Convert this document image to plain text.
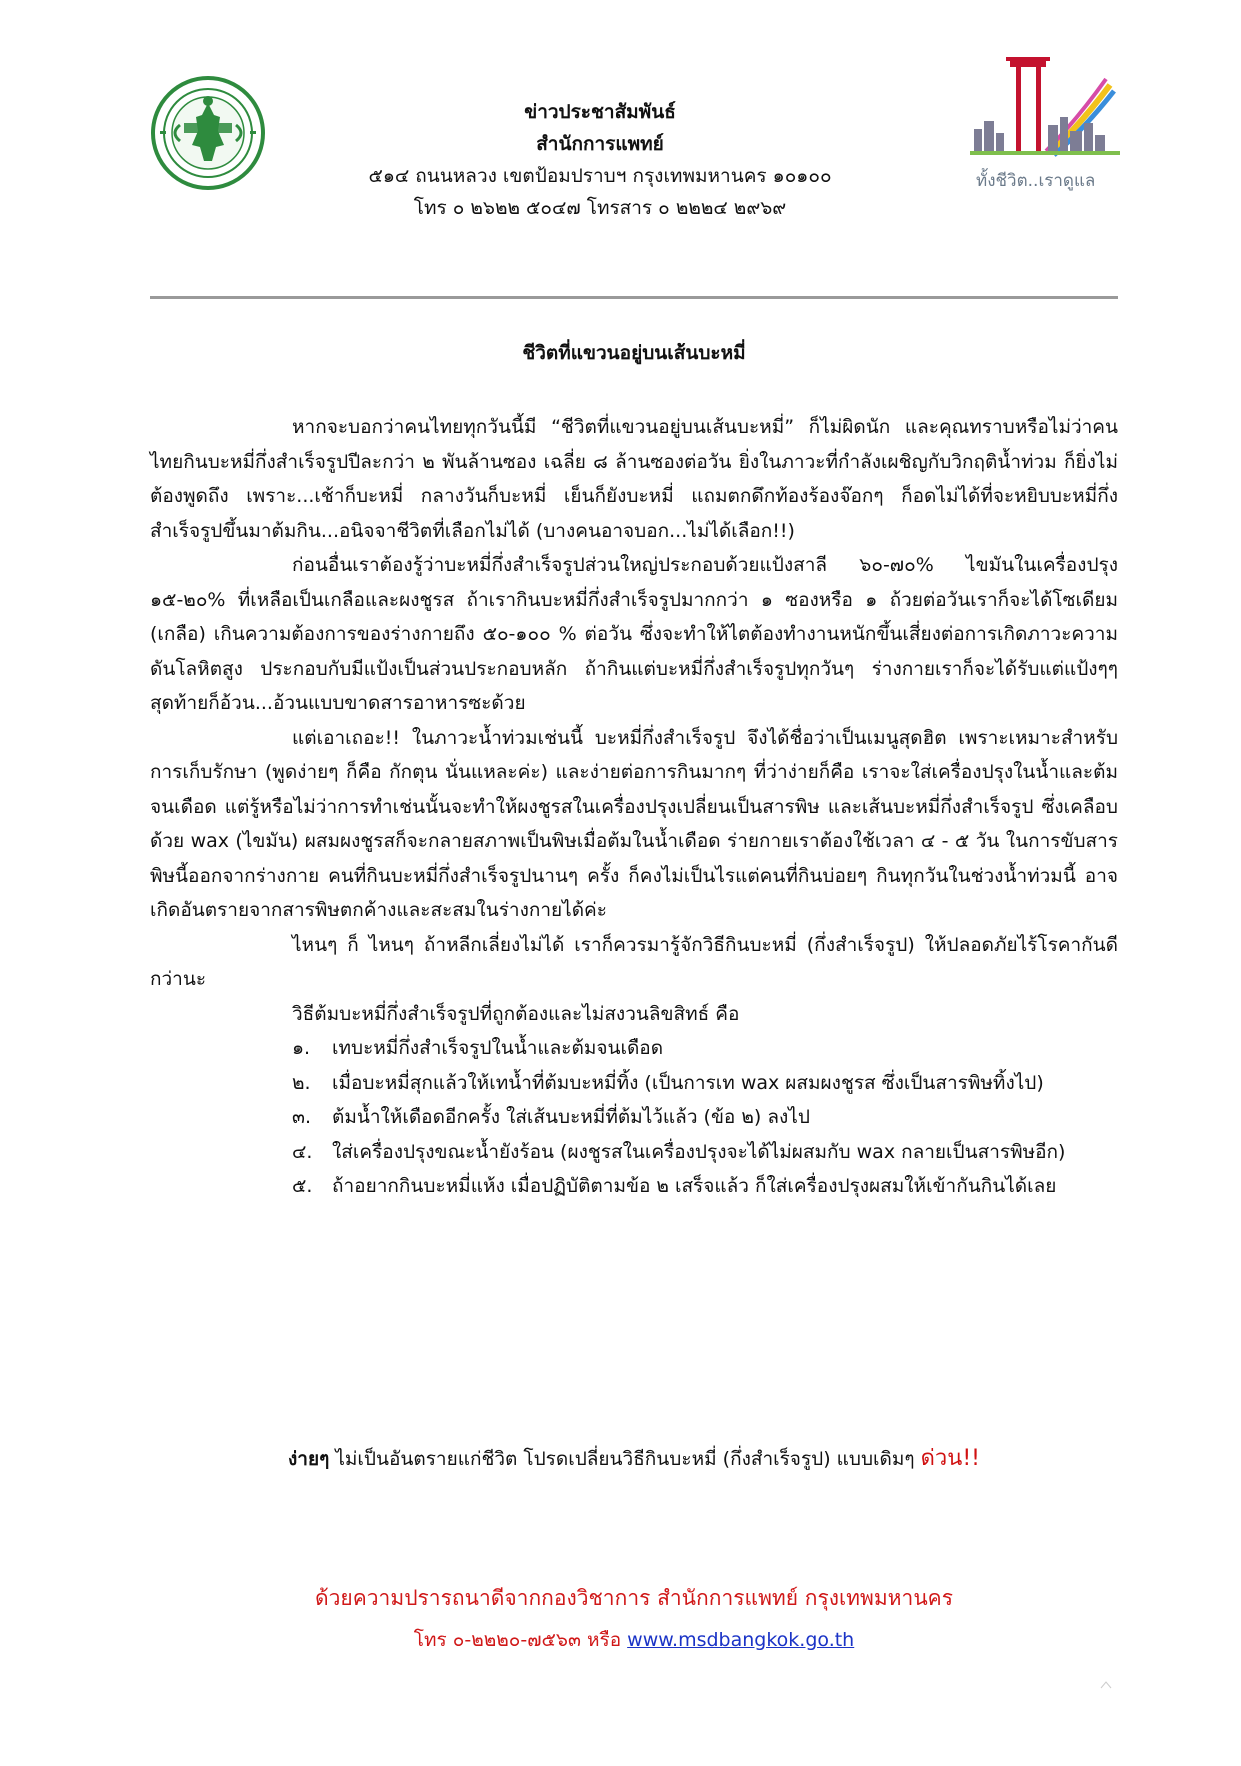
ทั้งชีวิต..เราดูแล
ข่าวประชาสัมพันธ์
สำนักการแพทย์
๕๑๔ ถนนหลวง เขตป้อมปราบฯ กรุงเทพมหานคร ๑๐๑๐๐
โทร ๐ ๒๖๒๒ ๕๐๔๗ โทรสาร ๐ ๒๒๒๔ ๒๙๖๙
ชีวิตที่แขวนอยู่บนเส้นบะหมี่

หากจะบอกว่าคนไทยทุกวันนี้มี “ชีวิตที่แขวนอยู่บนเส้นบะหมี่” ก็ไม่ผิดนัก และคุณทราบหรือไม่ว่าคนไทยกินบะหมี่กึ่งสำเร็จรูปปีละกว่า ๒ พันล้านซอง เฉลี่ย ๘ ล้านซองต่อวัน ยิ่งในภาวะที่กำลังเผชิญกับวิกฤติน้ำท่วม ก็ยิ่งไม่ต้องพูดถึง เพราะ...เช้าก็บะหมี่ กลางวันก็บะหมี่ เย็นก็ยังบะหมี่ แถมตกดึกท้องร้องจ๊อกๆ ก็อดไม่ได้ที่จะหยิบบะหมี่กึ่งสำเร็จรูปขึ้นมาต้มกิน...อนิจจาชีวิตที่เลือกไม่ได้ (บางคนอาจบอก...ไม่ได้เลือก!!)

ก่อนอื่นเราต้องรู้ว่าบะหมี่กึ่งสำเร็จรูปส่วนใหญ่ประกอบด้วยแป้งสาลี ๖๐-๗๐% ไขมันในเครื่องปรุง ๑๕-๒๐% ที่เหลือเป็นเกลือและผงชูรส ถ้าเรากินบะหมี่กึ่งสำเร็จรูปมากกว่า ๑ ซองหรือ ๑ ถ้วยต่อวันเราก็จะได้โซเดียม (เกลือ) เกินความต้องการของร่างกายถึง ๕๐-๑๐๐ % ต่อวัน ซึ่งจะทำให้ไตต้องทำงานหนักขึ้นเสี่ยงต่อการเกิดภาวะความดันโลหิตสูง ประกอบกับมีแป้งเป็นส่วนประกอบหลัก ถ้ากินแต่บะหมี่กึ่งสำเร็จรูปทุกวันๆ ร่างกายเราก็จะได้รับแต่แป้งๆๆ สุดท้ายก็อ้วน...อ้วนแบบขาดสารอาหารซะด้วย

แต่เอาเถอะ!! ในภาวะน้ำท่วมเช่นนี้ บะหมี่กึ่งสำเร็จรูป จึงได้ชื่อว่าเป็นเมนูสุดฮิต เพราะเหมาะสำหรับการเก็บรักษา (พูดง่ายๆ ก็คือ กักตุน นั่นแหละค่ะ) และง่ายต่อการกินมากๆ ที่ว่าง่ายก็คือ เราจะใส่เครื่องปรุงในน้ำและต้มจนเดือด แต่รู้หรือไม่ว่าการทำเช่นนั้นจะทำให้ผงชูรสในเครื่องปรุงเปลี่ยนเป็นสารพิษ และเส้นบะหมี่กึ่งสำเร็จรูป ซึ่งเคลือบด้วย wax (ไขมัน) ผสมผงชูรสก็จะกลายสภาพเป็นพิษเมื่อต้มในน้ำเดือด ร่ายกายเราต้องใช้เวลา ๔ - ๕ วัน ในการขับสารพิษนี้ออกจากร่างกาย คนที่กินบะหมี่กึ่งสำเร็จรูปนานๆ ครั้ง ก็คงไม่เป็นไรแต่คนที่กินบ่อยๆ กินทุกวันในช่วงน้ำท่วมนี้ อาจเกิดอันตรายจากสารพิษตกค้างและสะสมในร่างกายได้ค่ะ

ไหนๆ ก็ ไหนๆ ถ้าหลีกเลี่ยงไม่ได้ เราก็ควรมารู้จักวิธีกินบะหมี่ (กึ่งสำเร็จรูป) ให้ปลอดภัยไร้โรคากันดีกว่านะ

วิธีต้มบะหมี่กึ่งสำเร็จรูปที่ถูกต้องและไม่สงวนลิขสิทธ์ คือ

๑. เทบะหมี่กึ่งสำเร็จรูปในน้ำและต้มจนเดือด
๒. เมื่อบะหมี่สุกแล้วให้เทน้ำที่ต้มบะหมี่ทิ้ง (เป็นการเท wax ผสมผงชูรส ซึ่งเป็นสารพิษทิ้งไป)
๓. ต้มน้ำให้เดือดอีกครั้ง ใส่เส้นบะหมี่ที่ต้มไว้แล้ว (ข้อ ๒) ลงไป
๔. ใส่เครื่องปรุงขณะน้ำยังร้อน (ผงชูรสในเครื่องปรุงจะได้ไม่ผสมกับ wax กลายเป็นสารพิษอีก)
๕. ถ้าอยากกินบะหมี่แห้ง เมื่อปฏิบัติตามข้อ ๒ เสร็จแล้ว ก็ใส่เครื่องปรุงผสมให้เข้ากันกินได้เลย
ง่ายๆ ไม่เป็นอันตรายแก่ชีวิต โปรดเปลี่ยนวิธีกินบะหมี่ (กึ่งสำเร็จรูป) แบบเดิมๆ ด่วน!!
ด้วยความปรารถนาดีจากกองวิชาการ สำนักการแพทย์ กรุงเทพมหานคร
โทร ๐-๒๒๒๐-๗๕๖๓ หรือ www.msdbangkok.go.th
